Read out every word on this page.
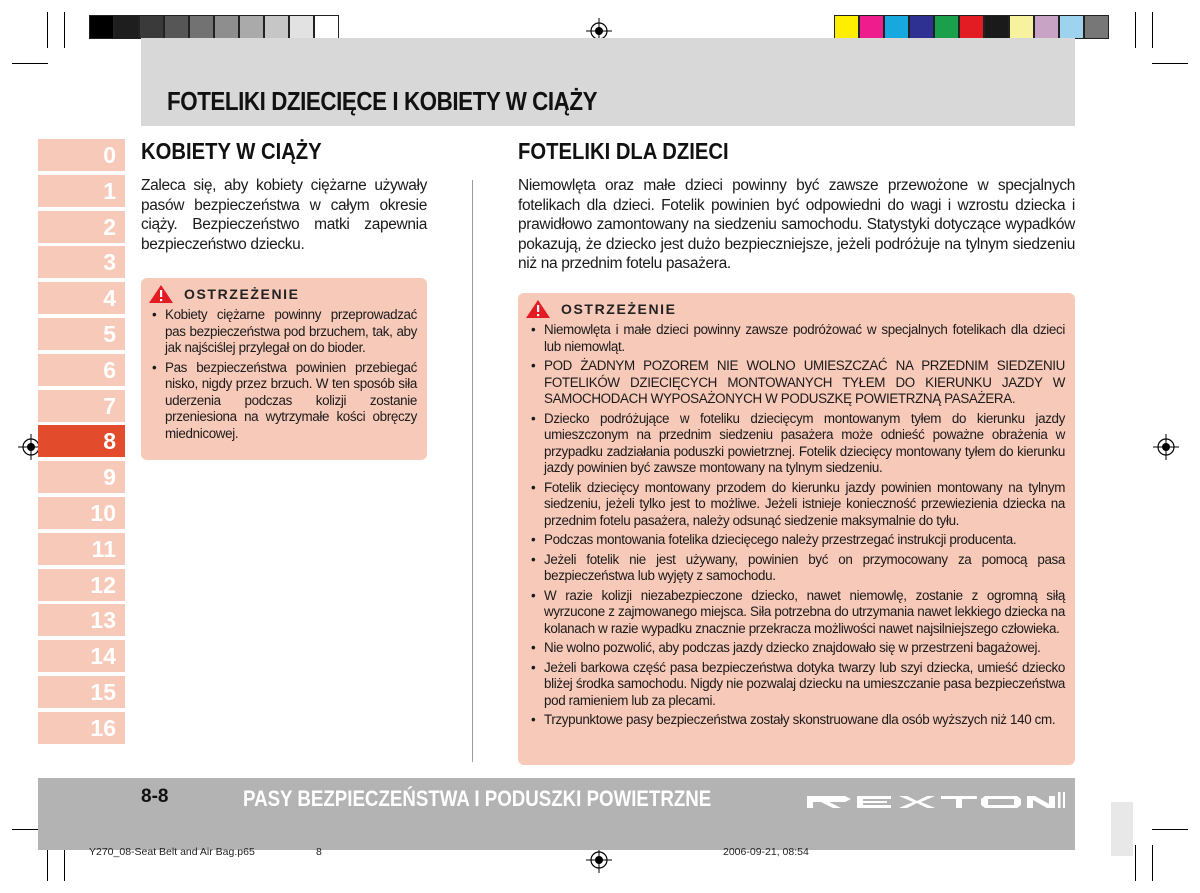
FOTELIKI DZIECIĘCE I KOBIETY W CIĄŻY
0
1
2
3
4
5
6
7
8
9
10
11
12
13
14
15
16
KOBIETY W CIĄŻY
Zaleca się, aby kobiety ciężarne używały pasów bezpieczeństwa w całym okresie ciąży. Bezpieczeństwo matki zapewnia bezpieczeństwo dziecku.
OSTRZEŻENIE
• Kobiety ciężarne powinny przeprowadzać pas bezpieczeństwa pod brzuchem, tak, aby jak najściślej przylegał on do bioder.
• Pas bezpieczeństwa powinien przebiegać nisko, nigdy przez brzuch. W ten sposób siła uderzenia podczas kolizji zostanie przeniesiona na wytrzymałe kości obręczy miednicowej.
FOTELIKI DLA DZIECI
Niemowlęta oraz małe dzieci powinny być zawsze przewożone w specjalnych fotelikach dla dzieci. Fotelik powinien być odpowiedni do wagi i wzrostu dziecka i prawidłowo zamontowany na siedzeniu samochodu. Statystyki dotyczące wypadków pokazują, że dziecko jest dużo bezpieczniejsze, jeżeli podróżuje na tylnym siedzeniu niż na przednim fotelu pasażera.
OSTRZEŻENIE
• Niemowlęta i małe dzieci powinny zawsze podróżować w specjalnych fotelikach dla dzieci lub niemowląt.
• POD ŻADNYM POZOREM NIE WOLNO UMIESZCZAĆ NA PRZEDNIM SIEDZENIU FOTELIKÓW DZIECIĘCYCH MONTOWANYCH TYŁEM DO KIERUNKU JAZDY W SAMOCHODACH WYPOSAŻONYCH W PODUSZKĘ POWIETRZNĄ PASAŻERA.
• Dziecko podróżujące w foteliku dziecięcym montowanym tyłem do kierunku jazdy umieszczonym na przednim siedzeniu pasażera może odnieść poważne obrażenia w przypadku zadziałania poduszki powietrznej. Fotelik dziecięcy montowany tyłem do kierunku jazdy powinien być zawsze montowany na tylnym siedzeniu.
• Fotelik dziecięcy montowany przodem do kierunku jazdy powinien montowany na tylnym siedzeniu, jeżeli tylko jest to możliwe. Jeżeli istnieje konieczność przewiezienia dziecka na przednim fotelu pasażera, należy odsunąć siedzenie maksymalnie do tyłu.
• Podczas montowania fotelika dziecięcego należy przestrzegać instrukcji producenta.
• Jeżeli fotelik nie jest używany, powinien być on przymocowany za pomocą pasa bezpieczeństwa lub wyjęty z samochodu.
• W razie kolizji niezabezpieczone dziecko, nawet niemowlę, zostanie z ogromną siłą wyrzucone z zajmowanego miejsca. Siła potrzebna do utrzymania nawet lekkiego dziecka na kolanach w razie wypadku znacznie przekracza możliwości nawet najsilniejszego człowieka.
• Nie wolno pozwolić, aby podczas jazdy dziecko znajdowało się w przestrzeni bagażowej.
• Jeżeli barkowa część pasa bezpieczeństwa dotyka twarzy lub szyi dziecka, umieść dziecko bliżej środka samochodu. Nigdy nie pozwalaj dziecku na umieszczanie pasa bezpieczeństwa pod ramieniem lub za plecami.
• Trzypunktowe pasy bezpieczeństwa zostały skonstruowane dla osób wyższych niż 140 cm.
8-8	PASY BEZPIECZEŃSTWA I PODUSZKI POWIETRZNE
Y270_08-Seat Belt and Air Bag.p65	8	2006-09-21, 08:54
